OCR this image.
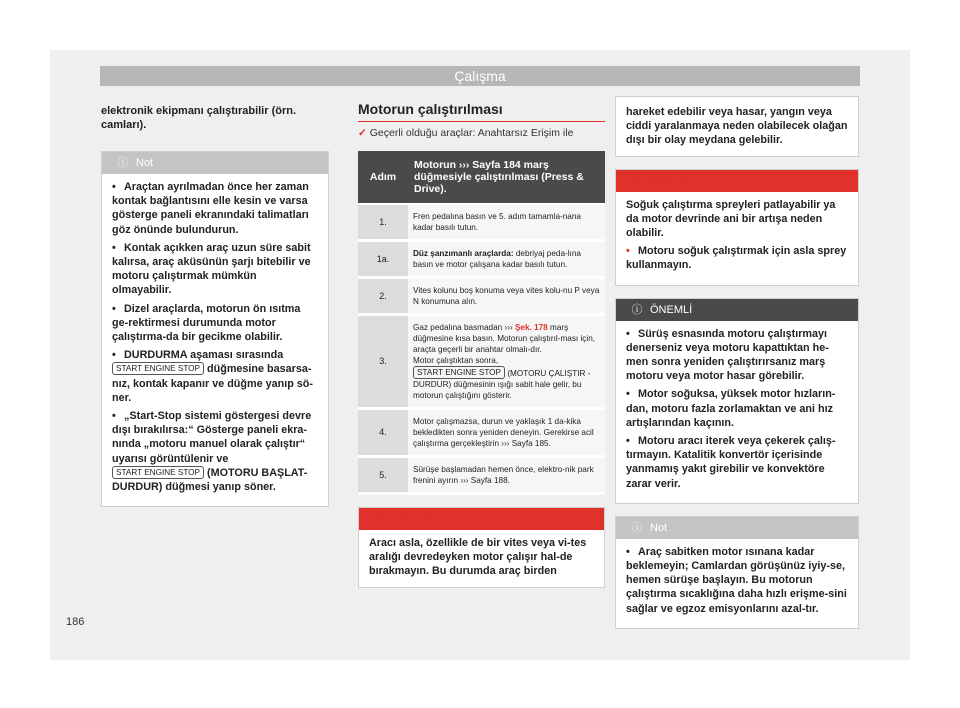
Çalışma
elektronik ekipmanı çalıştırabilir (örn. camları).
ⓘ Not
• Araçtan ayrılmadan önce her zaman kontak bağlantısını elle kesin ve varsa gösterge paneli ekranındaki talimatları göz önünde bulundurun.
• Kontak açıkken araç uzun süre sabit kalırsa, araç aküsünün şarjı bitebilir ve motoru çalıştırmak mümkün olmayabilir.
• Dizel araçlarda, motorun ön ısıtma ge-rektirmesi durumunda motor çalıştırma-da bir gecikme olabilir.
• DURDURMA aşaması sırasında START ENGINE STOP düğmesine basarsa-nız, kontak kapanır ve düğme yanıp sö-ner.
• „Start-Stop sistemi göstergesi devre dışı bırakılırsa:“ Gösterge paneli ekra-nında „motoru manuel olarak çalıştır“ uyarısı görüntülenir ve START ENGINE STOP (MOTORU BAŞLAT-DURDUR) düğmesi yanıp söner.
Motorun çalıştırılması
✓ Geçerli olduğu araçlar: Anahtarsız Erişim ile
Adım	Motorun ››› Sayfa 184 marş düğmesiyle çalıştırılması (Press & Drive).
1.	Fren pedalına basın ve 5. adım tamamla-nana kadar basılı tutun.
1a.	Düz şanzımanlı araçlarda: debriyaj peda-lına basın ve motor çalışana kadar basılı tutun.
2.	Vites kolunu boş konuma veya vites kolu-nu P veya N konumuna alın.
3.	Gaz pedalına basmadan ››› Şek. 178 marş düğmesine kısa basın. Motorun çalıştırıl-ması için, araçta geçerli bir anahtar olmalı-dır.
Motor çalıştıktan sonra,
START ENGINE STOP (MOTORU ÇALIŞTIR - DURDUR) düğmesinin ışığı sabit hale gelir, bu motorun çalıştığını gösterir.
4.	Motor çalışmazsa, durun ve yaklaşık 1 da-kika bekledikten sonra yeniden deneyin. Gerekirse acil çalıştırma gerçekleştirin ››› Sayfa 185.
5.	Sürüşe başlamadan hemen önce, elektro-nik park frenini ayırın ››› Sayfa 188.
⚠ DİKKAT
Aracı asla, özellikle de bir vites veya vi-tes aralığı devredeyken motor çalışır hal-de bırakmayın. Bu durumda araç birden
hareket edebilir veya hasar, yangın veya ciddi yaralanmaya neden olabilecek olağan dışı bir olay meydana gelebilir.
⚠ DİKKAT
Soğuk çalıştırma spreyleri patlayabilir ya da motor devrinde ani bir artışa neden olabilir.
• Motoru soğuk çalıştırmak için asla sprey kullanmayın.
ⓘ ÖNEMLİ
• Sürüş esnasında motoru çalıştırmayı denerseniz veya motoru kapattıktan he-men sonra yeniden çalıştırırsanız marş motoru veya motor hasar görebilir.
• Motor soğuksa, yüksek motor hızların-dan, motoru fazla zorlamaktan ve ani hız artışlarından kaçının.
• Motoru aracı iterek veya çekerek çalış-tırmayın. Katalitik konvertör içerisinde yanmamış yakıt girebilir ve konvektöre zarar verir.
ⓘ Not
• Araç sabitken motor ısınana kadar beklemeyin; Camlardan görüşünüz iyiy-se, hemen sürüşe başlayın. Bu motorun çalıştırma sıcaklığına daha hızlı erişme-sini sağlar ve egzoz emisyonlarını azal-tır.
186
